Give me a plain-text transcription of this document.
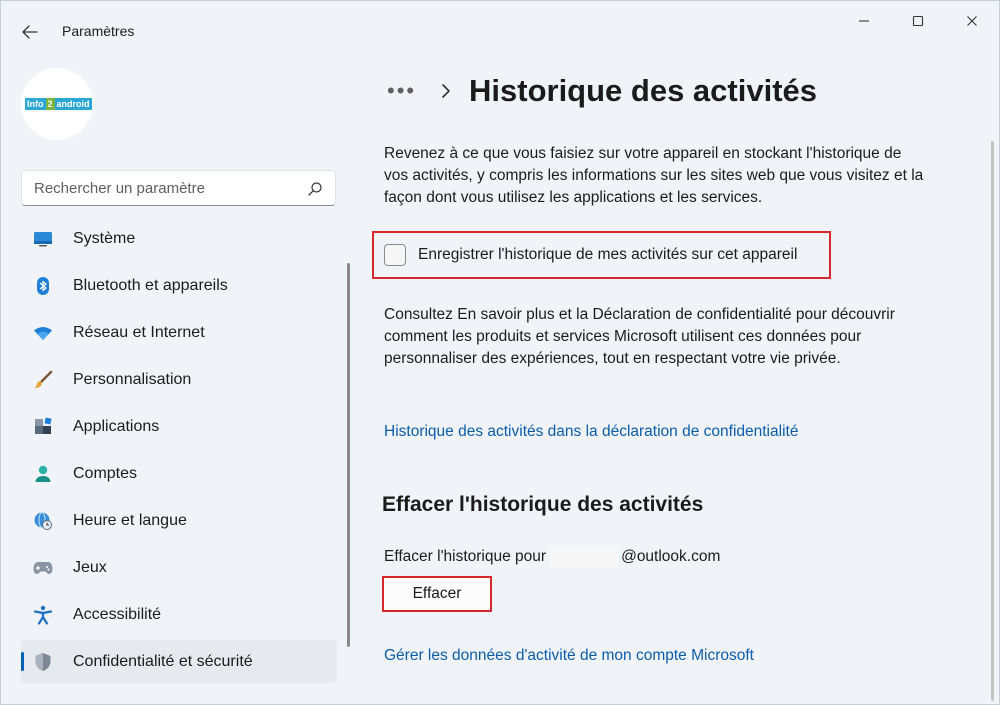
Paramètres
Info 2 android
Rechercher un paramètre
Système
Bluetooth et appareils
Réseau et Internet
Personnalisation
Applications
Comptes
Heure et langue
Jeux
Accessibilité
Confidentialité et sécurité
•••	Historique des activités
Revenez à ce que vous faisiez sur votre appareil en stockant l'historique de vos activités, y compris les informations sur les sites web que vous visitez et la façon dont vous utilisez les applications et les services.
Enregistrer l'historique de mes activités sur cet appareil
Consultez En savoir plus et la Déclaration de confidentialité pour découvrir comment les produits et services Microsoft utilisent ces données pour personnaliser des expériences, tout en respectant votre vie privée.
Historique des activités dans la déclaration de confidentialité
Effacer l'historique des activités
Effacer l'historique pour	@outlook.com
Effacer
Gérer les données d'activité de mon compte Microsoft
